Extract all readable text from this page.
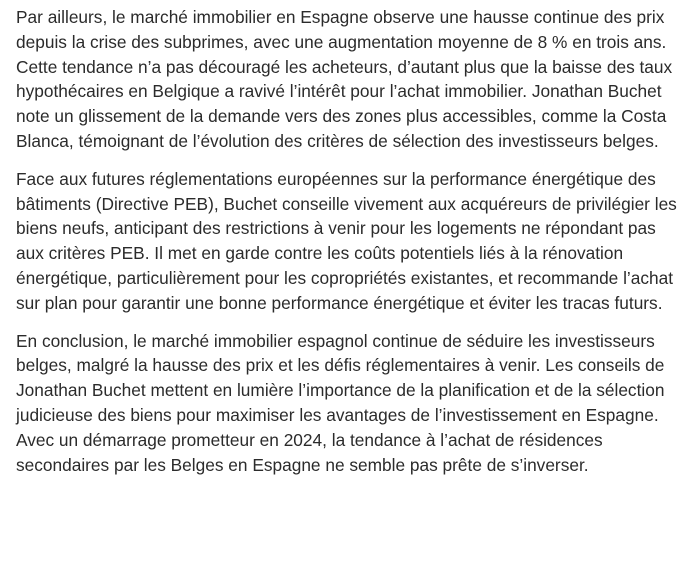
Par ailleurs, le marché immobilier en Espagne observe une hausse continue des prix depuis la crise des subprimes, avec une augmentation moyenne de 8 % en trois ans. Cette tendance n’a pas découragé les acheteurs, d’autant plus que la baisse des taux hypothécaires en Belgique a ravivé l’intérêt pour l’achat immobilier. Jonathan Buchet note un glissement de la demande vers des zones plus accessibles, comme la Costa Blanca, témoignant de l’évolution des critères de sélection des investisseurs belges.

Face aux futures réglementations européennes sur la performance énergétique des bâtiments (Directive PEB), Buchet conseille vivement aux acquéreurs de privilégier les biens neufs, anticipant des restrictions à venir pour les logements ne répondant pas aux critères PEB. Il met en garde contre les coûts potentiels liés à la rénovation énergétique, particulièrement pour les copropriétés existantes, et recommande l’achat sur plan pour garantir une bonne performance énergétique et éviter les tracas futurs.

En conclusion, le marché immobilier espagnol continue de séduire les investisseurs belges, malgré la hausse des prix et les défis réglementaires à venir. Les conseils de Jonathan Buchet mettent en lumière l’importance de la planification et de la sélection judicieuse des biens pour maximiser les avantages de l’investissement en Espagne. Avec un démarrage prometteur en 2024, la tendance à l’achat de résidences secondaires par les Belges en Espagne ne semble pas prête de s’inverser.
